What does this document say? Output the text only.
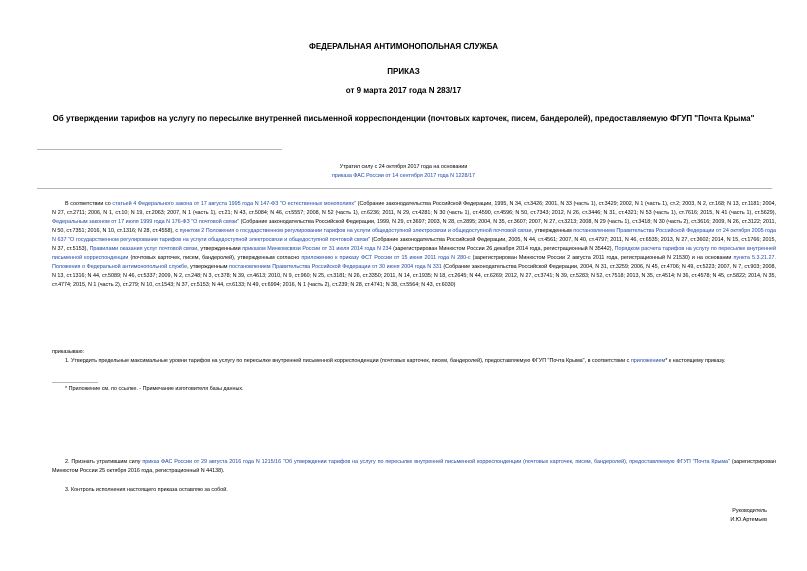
ФЕДЕРАЛЬНАЯ АНТИМОНОПОЛЬНАЯ СЛУЖБА
ПРИКАЗ
от 9 марта 2017 года N 283/17
Об утверждении тарифов на услугу по пересылке внутренней письменной корреспонденции (почтовых карточек, писем, бандеролей), предоставляемую ФГУП "Почта Крыма"
Утратил силу с 24 октября 2017 года на основании
приказа ФАС России от 14 сентября 2017 года N 1228/17
В соответствии со статьей 4 Федерального закона от 17 августа 1995 года N 147-ФЗ "О естественных монополиях" (Собрание законодательства Российской Федерации, 1995, N 34, ст.3426; 2001, N 33 (часть 1), ст.3429; 2002, N 1 (часть 1), ст.2; 2003, N 2, ст.168; N 13, ст.1181; 2004, N 27, ст.2711; 2006, N 1, ст.10; N 19, ст.2063; 2007, N 1 (часть 1), ст.21; N 43, ст.5084; N 46, ст.5557; 2008, N 52 (часть 1), ст.6236; 2011, N 29, ст.4281; N 30 (часть 1), ст.4590, ст.4596; N 50, ст.7343; 2012, N 26, ст.3446; N 31, ст.4321; N 53 (часть 1), ст.7616; 2015, N 41 (часть 1), ст.5629), Федеральным законом от 17 июля 1999 года N 176-ФЗ "О почтовой связи" (Собрание законодательства Российской Федерации, 1999, N 29, ст.3697; 2003, N 28, ст.2895; 2004, N 35, ст.3607; 2007, N 27, ст.3213; 2008, N 29 (часть 1), ст.3418; N 30 (часть 2), ст.3616; 2009, N 26, ст.3122; 2011, N 50, ст.7351; 2016, N 10, ст.1316; N 28, ст.4558), с пунктом 2 Положения о государственном регулировании тарифов на услуги общедоступной электросвязи и общедоступной почтовой связи, утвержденным постановлением Правительства Российской Федерации от 24 октября 2005 года N 637 "О государственном регулировании тарифов на услуги общедоступной электросвязи и общедоступной почтовой связи" (Собрание законодательства Российской Федерации, 2005, N 44, ст.4561; 2007, N 40, ст.4797; 2011, N 46, ст.6535; 2013, N 27, ст.3602; 2014, N 15, ст.1766; 2015, N 37, ст.5153), Правилами оказания услуг почтовой связи, утвержденными приказом Минкомсвязи России от 31 июля 2014 года N 234 (зарегистрирован Минюстом России 26 декабря 2014 года, регистрационный N 35442), Порядком расчета тарифов на услугу по пересылке внутренней письменной корреспонденции (почтовых карточек, писем, бандеролей), утвержденным согласно приложению к приказу ФСТ России от 15 июня 2011 года N 280-с (зарегистрирован Минюстом России 2 августа 2011 года, регистрационный N 21530) и на основании пункта 5.3.21.27. Положения о Федеральной антимонопольной службе, утвержденным постановлением Правительства Российской Федерации от 30 июня 2004 года N 331 (Собрание законодательства Российской Федерации, 2004, N 31, ст.3259; 2006, N 45, ст.4706; N 49, ст.5223; 2007, N 7, ст.903; 2008, N 13, ст.1316; N 44, ст.5089; N 46, ст.5337; 2009, N 2, ст.248; N 3, ст.378; N 39, ст.4613; 2010, N 9, ст.960; N 25, ст.3181; N 26, ст.3350; 2011, N 14, ст.1935; N 18, ст.2645; N 44, ст.6269; 2012, N 27, ст.3741; N 39, ст.5283; N 52, ст.7518; 2013, N 35, ст.4514; N 36, ст.4578; N 45, ст.5822; 2014, N 35, ст.4774; 2015, N 1 (часть 2), ст.279; N 10, ст.1543; N 37, ст.5153; N 44, ст.6133; N 49, ст.6994; 2016, N 1 (часть 2), ст.239; N 28, ст.4741; N 38, ст.5564; N 43, ст.6030)
приказываю:
1. Утвердить предельные максимальные уровни тарифов на услугу по пересылке внутренней письменной корреспонденции (почтовых карточек, писем, бандеролей), предоставляемую ФГУП "Почта Крыма", в соответствии с приложением* к настоящему приказу.
* Приложение см. по ссылке. - Примечание изготовителя базы данных.
2. Признать утратившим силу приказ ФАС России от 29 августа 2016 года N 1215/16 "Об утверждении тарифов на услугу по пересылке внутренней письменной корреспонденции (почтовых карточек, писем, бандеролей), предоставляемую ФГУП "Почта Крыма" (зарегистрирован Минюстом России 25 октября 2016 года, регистрационный N 44138).
3. Контроль исполнения настоящего приказа оставляю за собой.
Руководитель
И.Ю.Артемьев
